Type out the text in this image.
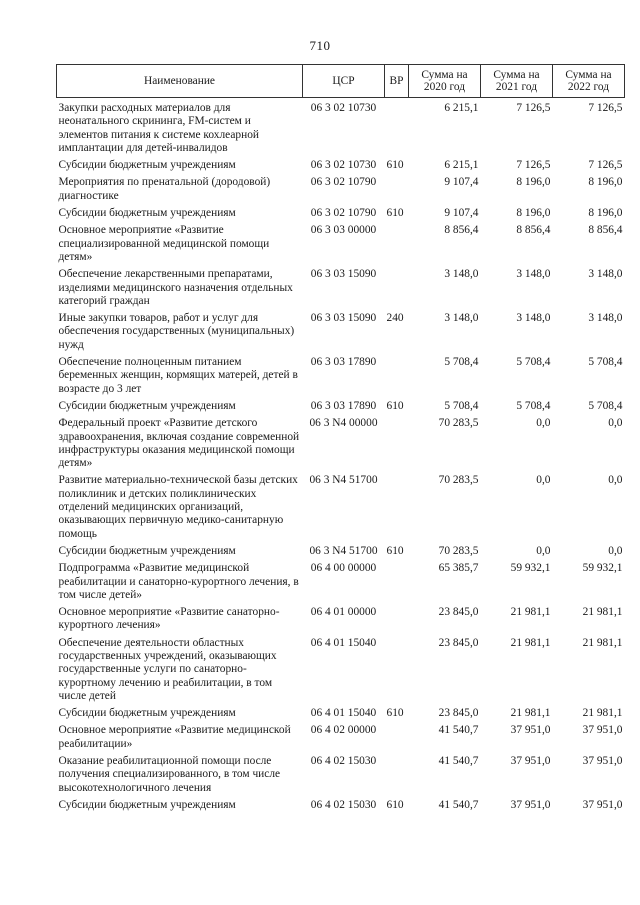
710
Наименование	ЦСР	ВР	Сумма на 2020 год	Сумма на 2021 год	Сумма на 2022 год
Закупки расходных материалов для неонатального скрининга, FM-систем и элементов питания к системе кохлеарной имплантации для детей-инвалидов	06 3 02 10730		6 215,1	7 126,5	7 126,5
Субсидии бюджетным учреждениям	06 3 02 10730	610	6 215,1	7 126,5	7 126,5
Мероприятия по пренатальной (дородовой) диагностике	06 3 02 10790		9 107,4	8 196,0	8 196,0
Субсидии бюджетным учреждениям	06 3 02 10790	610	9 107,4	8 196,0	8 196,0
Основное мероприятие «Развитие специализированной медицинской помощи детям»	06 3 03 00000		8 856,4	8 856,4	8 856,4
Обеспечение лекарственными препаратами, изделиями медицинского назначения отдельных категорий граждан	06 3 03 15090		3 148,0	3 148,0	3 148,0
Иные закупки товаров, работ и услуг для обеспечения государственных (муниципальных) нужд	06 3 03 15090	240	3 148,0	3 148,0	3 148,0
Обеспечение полноценным питанием беременных женщин, кормящих матерей, детей в возрасте до 3 лет	06 3 03 17890		5 708,4	5 708,4	5 708,4
Субсидии бюджетным учреждениям	06 3 03 17890	610	5 708,4	5 708,4	5 708,4
Федеральный проект «Развитие детского здравоохранения, включая создание современной инфраструктуры оказания медицинской помощи детям»	06 3 N4 00000		70 283,5	0,0	0,0
Развитие материально-технической базы детских поликлиник и детских поликлинических отделений медицинских организаций, оказывающих первичную медико-санитарную помощь	06 3 N4 51700		70 283,5	0,0	0,0
Субсидии бюджетным учреждениям	06 3 N4 51700	610	70 283,5	0,0	0,0
Подпрограмма «Развитие медицинской реабилитации и санаторно-курортного лечения, в том числе детей»	06 4 00 00000		65 385,7	59 932,1	59 932,1
Основное мероприятие «Развитие санаторно-курортного лечения»	06 4 01 00000		23 845,0	21 981,1	21 981,1
Обеспечение деятельности областных государственных учреждений, оказывающих государственные услуги по санаторно-курортному лечению и реабилитации, в том числе детей	06 4 01 15040		23 845,0	21 981,1	21 981,1
Субсидии бюджетным учреждениям	06 4 01 15040	610	23 845,0	21 981,1	21 981,1
Основное мероприятие «Развитие медицинской реабилитации»	06 4 02 00000		41 540,7	37 951,0	37 951,0
Оказание реабилитационной помощи после получения специализированного, в том числе высокотехнологичного лечения	06 4 02 15030		41 540,7	37 951,0	37 951,0
Субсидии бюджетным учреждениям	06 4 02 15030	610	41 540,7	37 951,0	37 951,0
